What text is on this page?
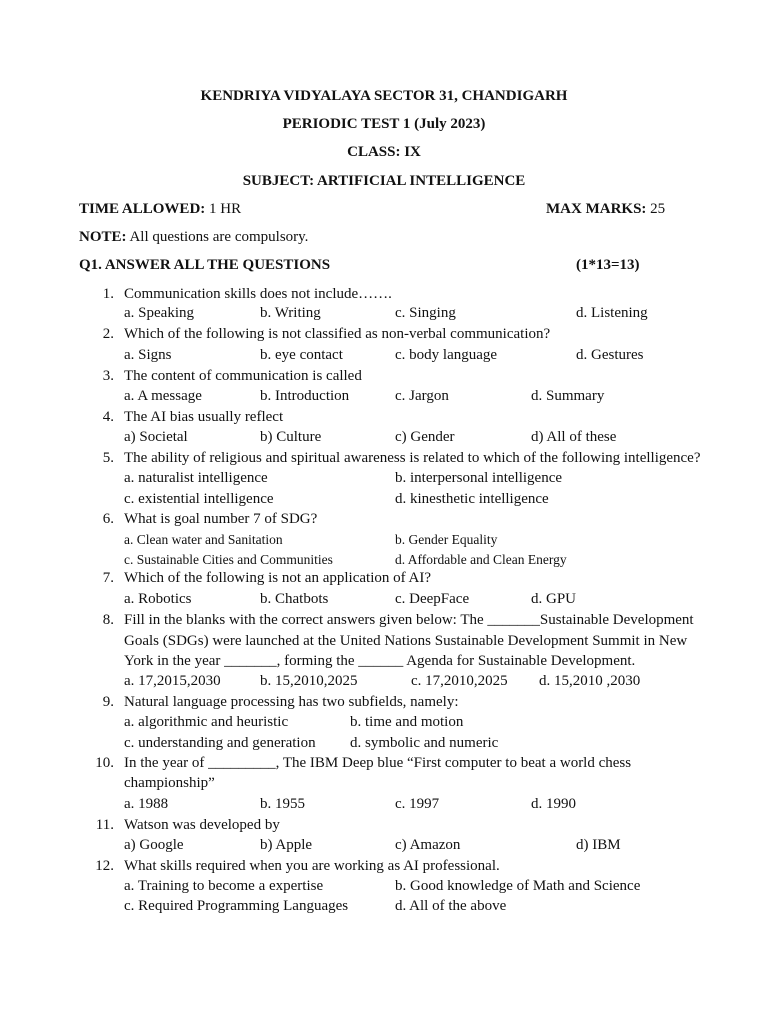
KENDRIYA VIDYALAYA SECTOR 31, CHANDIGARH
PERIODIC TEST 1 (July 2023)
CLASS: IX
SUBJECT: ARTIFICIAL INTELLIGENCE
TIME ALLOWED: 1 HR	MAX MARKS: 25
NOTE: All questions are compulsory.
Q1. ANSWER ALL THE QUESTIONS	(1*13=13)
1. Communication skills does not include…….
a. Speaking	b. Writing	c. Singing	d. Listening
2. Which of the following is not classified as non-verbal communication?
a. Signs	b. eye contact	c. body language	d. Gestures
3. The content of communication is called
a. A message	b. Introduction	c. Jargon	d. Summary
4. The AI bias usually reflect
a) Societal	b) Culture	c) Gender	d) All of these
5. The ability of religious and spiritual awareness is related to which of the following intelligence?
a. naturalist intelligence	b. interpersonal intelligence
c. existential intelligence	d. kinesthetic intelligence
6. What is goal number 7 of SDG?
a. Clean water and Sanitation	b. Gender Equality
c. Sustainable Cities and Communities	d. Affordable and Clean Energy
7. Which of the following is not an application of AI?
a. Robotics	b. Chatbots	c. DeepFace	d. GPU
8. Fill in the blanks with the correct answers given below: The _______Sustainable Development
Goals (SDGs) were launched at the United Nations Sustainable Development Summit in New
York in the year _______, forming the ______ Agenda for Sustainable Development.
a. 17,2015,2030	b. 15,2010,2025	c. 17,2010,2025 d. 15,2010 ,2030
9. Natural language processing has two subfields, namely:
a. algorithmic and heuristic	b. time and motion
c. understanding and generation d. symbolic and numeric
10. In the year of _________, The IBM Deep blue “First computer to beat a world chess
championship”
a. 1988	b. 1955	c. 1997	d. 1990
11. Watson was developed by
a) Google	b) Apple	c) Amazon	d) IBM
12. What skills required when you are working as AI professional.
a. Training to become a expertise	b. Good knowledge of Math and Science
c. Required Programming Languages	d. All of the above
